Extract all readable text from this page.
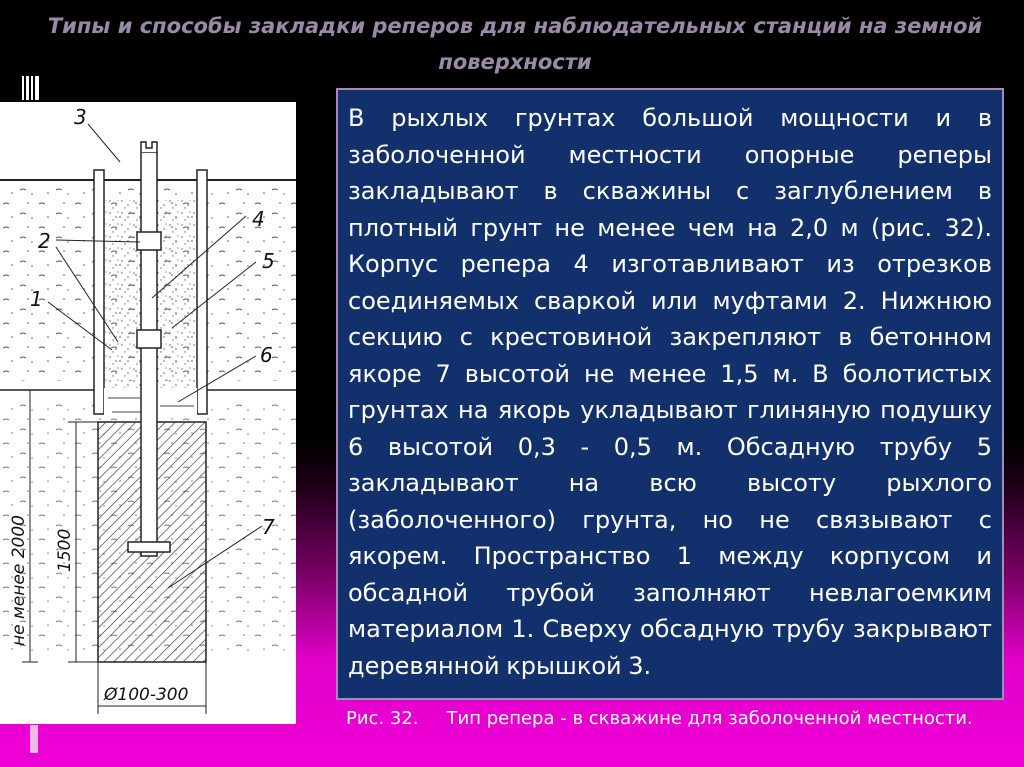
Типы и способы закладки реперов для наблюдательных станций на земной поверхности
3
2
1
4
5
6
7
не менее 2000 1500
Ø100-300

В рыхлых грунтах большой мощности и в заболоченной местности опорные реперы закладывают в скважины с заглублением в плотный грунт не менее чем на 2,0 м (рис. 32). Корпус репера 4 изготавливают из отрезков соединяемых сваркой или муфтами 2. Нижнюю секцию с крестовиной закрепляют в бетонном якоре 7 высотой не менее 1,5 м. В болотистых грунтах на якорь укладывают глиняную подушку 6 высотой 0,3 - 0,5 м. Обсадную трубу 5 закладывают на всю высоту рыхлого (заболоченного) грунта, но не связывают с якорем. Пространство 1 между корпусом и обсадной трубой заполняют невлагоемким материалом 1. Сверху обсадную трубу закрывают деревянной крышкой 3.

Рис. 32. Тип репера - в скважине для заболоченной местности.
